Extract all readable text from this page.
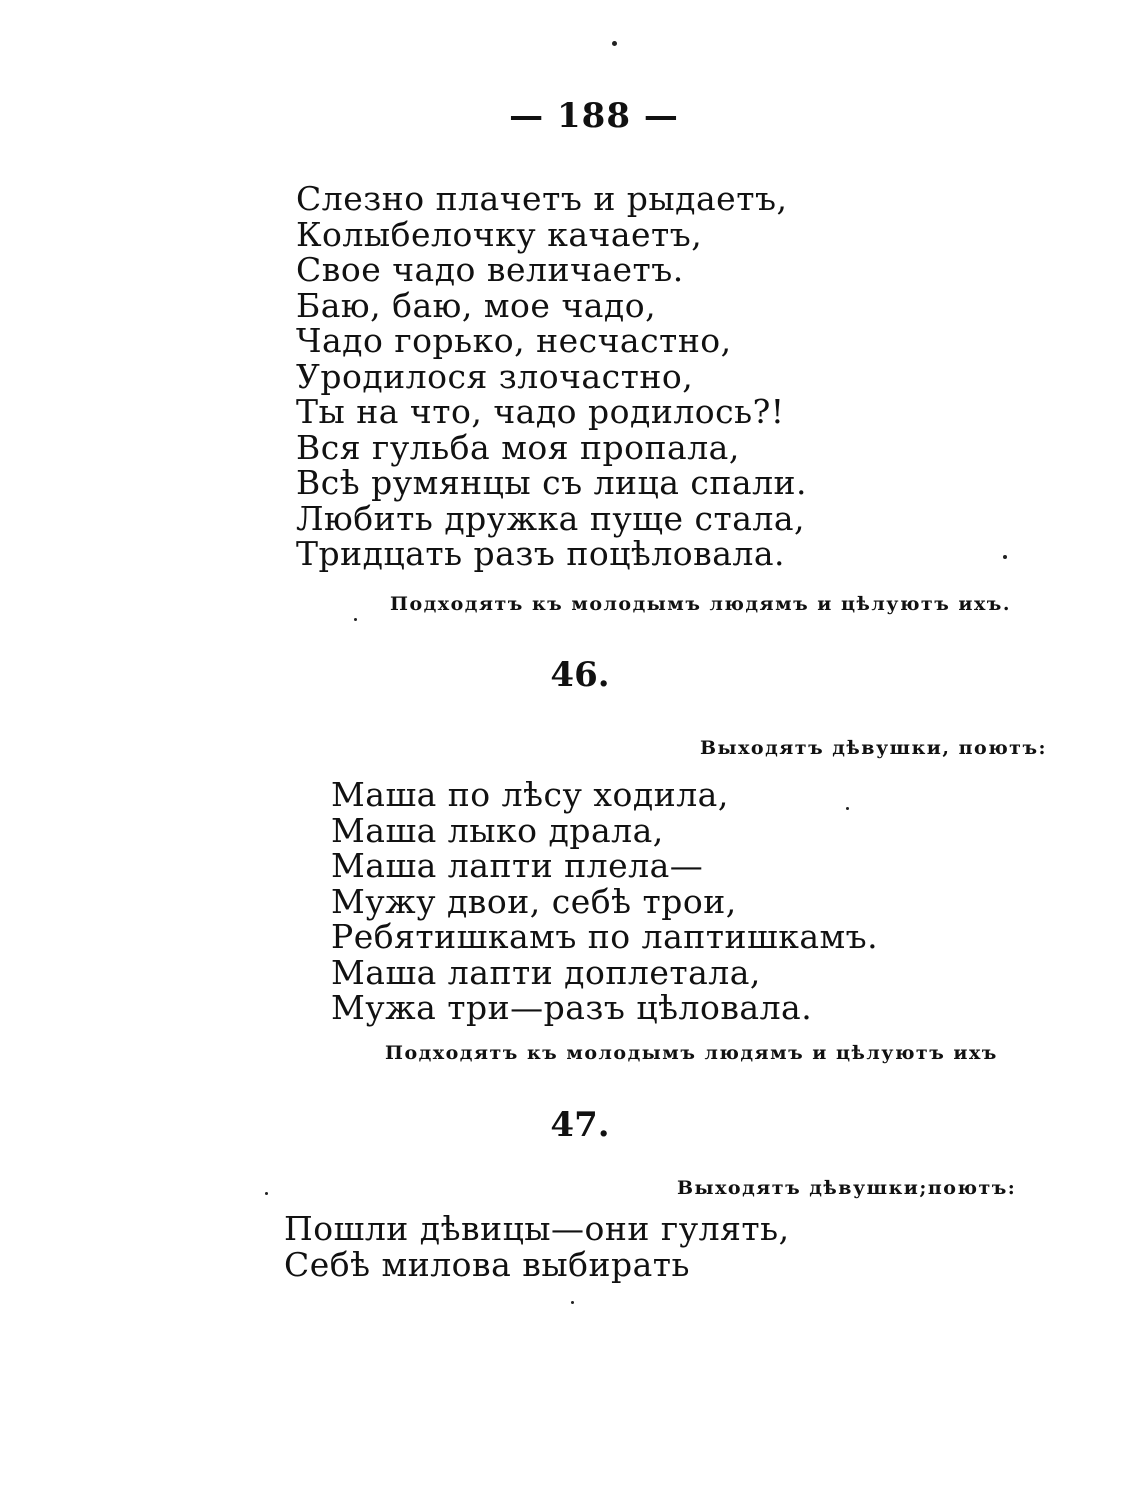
— 188 —
Слезно плачетъ и рыдаетъ,
Колыбелочку качаетъ,
Свое чадо величаетъ.
Баю, баю, мое чадо,
Чадо горько, несчастно,
Уродилося злочастно,
Ты на что, чадо родилось?!
Вся гульба моя пропала,
Всѣ румянцы съ лица спали.
Любить дружка пуще стала,
Тридцать разъ поцѣловала.
Подходятъ къ молодымъ людямъ и цѣлуютъ ихъ.
46.
Выходятъ дѣвушки, поютъ:
Маша по лѣсу ходила,
Маша лыко драла,
Маша лапти плела—
Мужу двои, себѣ трои,
Ребятишкамъ по лаптишкамъ.
Маша лапти доплетала,
Мужа три—разъ цѣловала.
Подходятъ къ молодымъ людямъ и цѣлуютъ ихъ
47.
Выходятъ дѣвушки;поютъ:
Пошли дѣвицы—они гулять,
Себѣ милова выбирать
